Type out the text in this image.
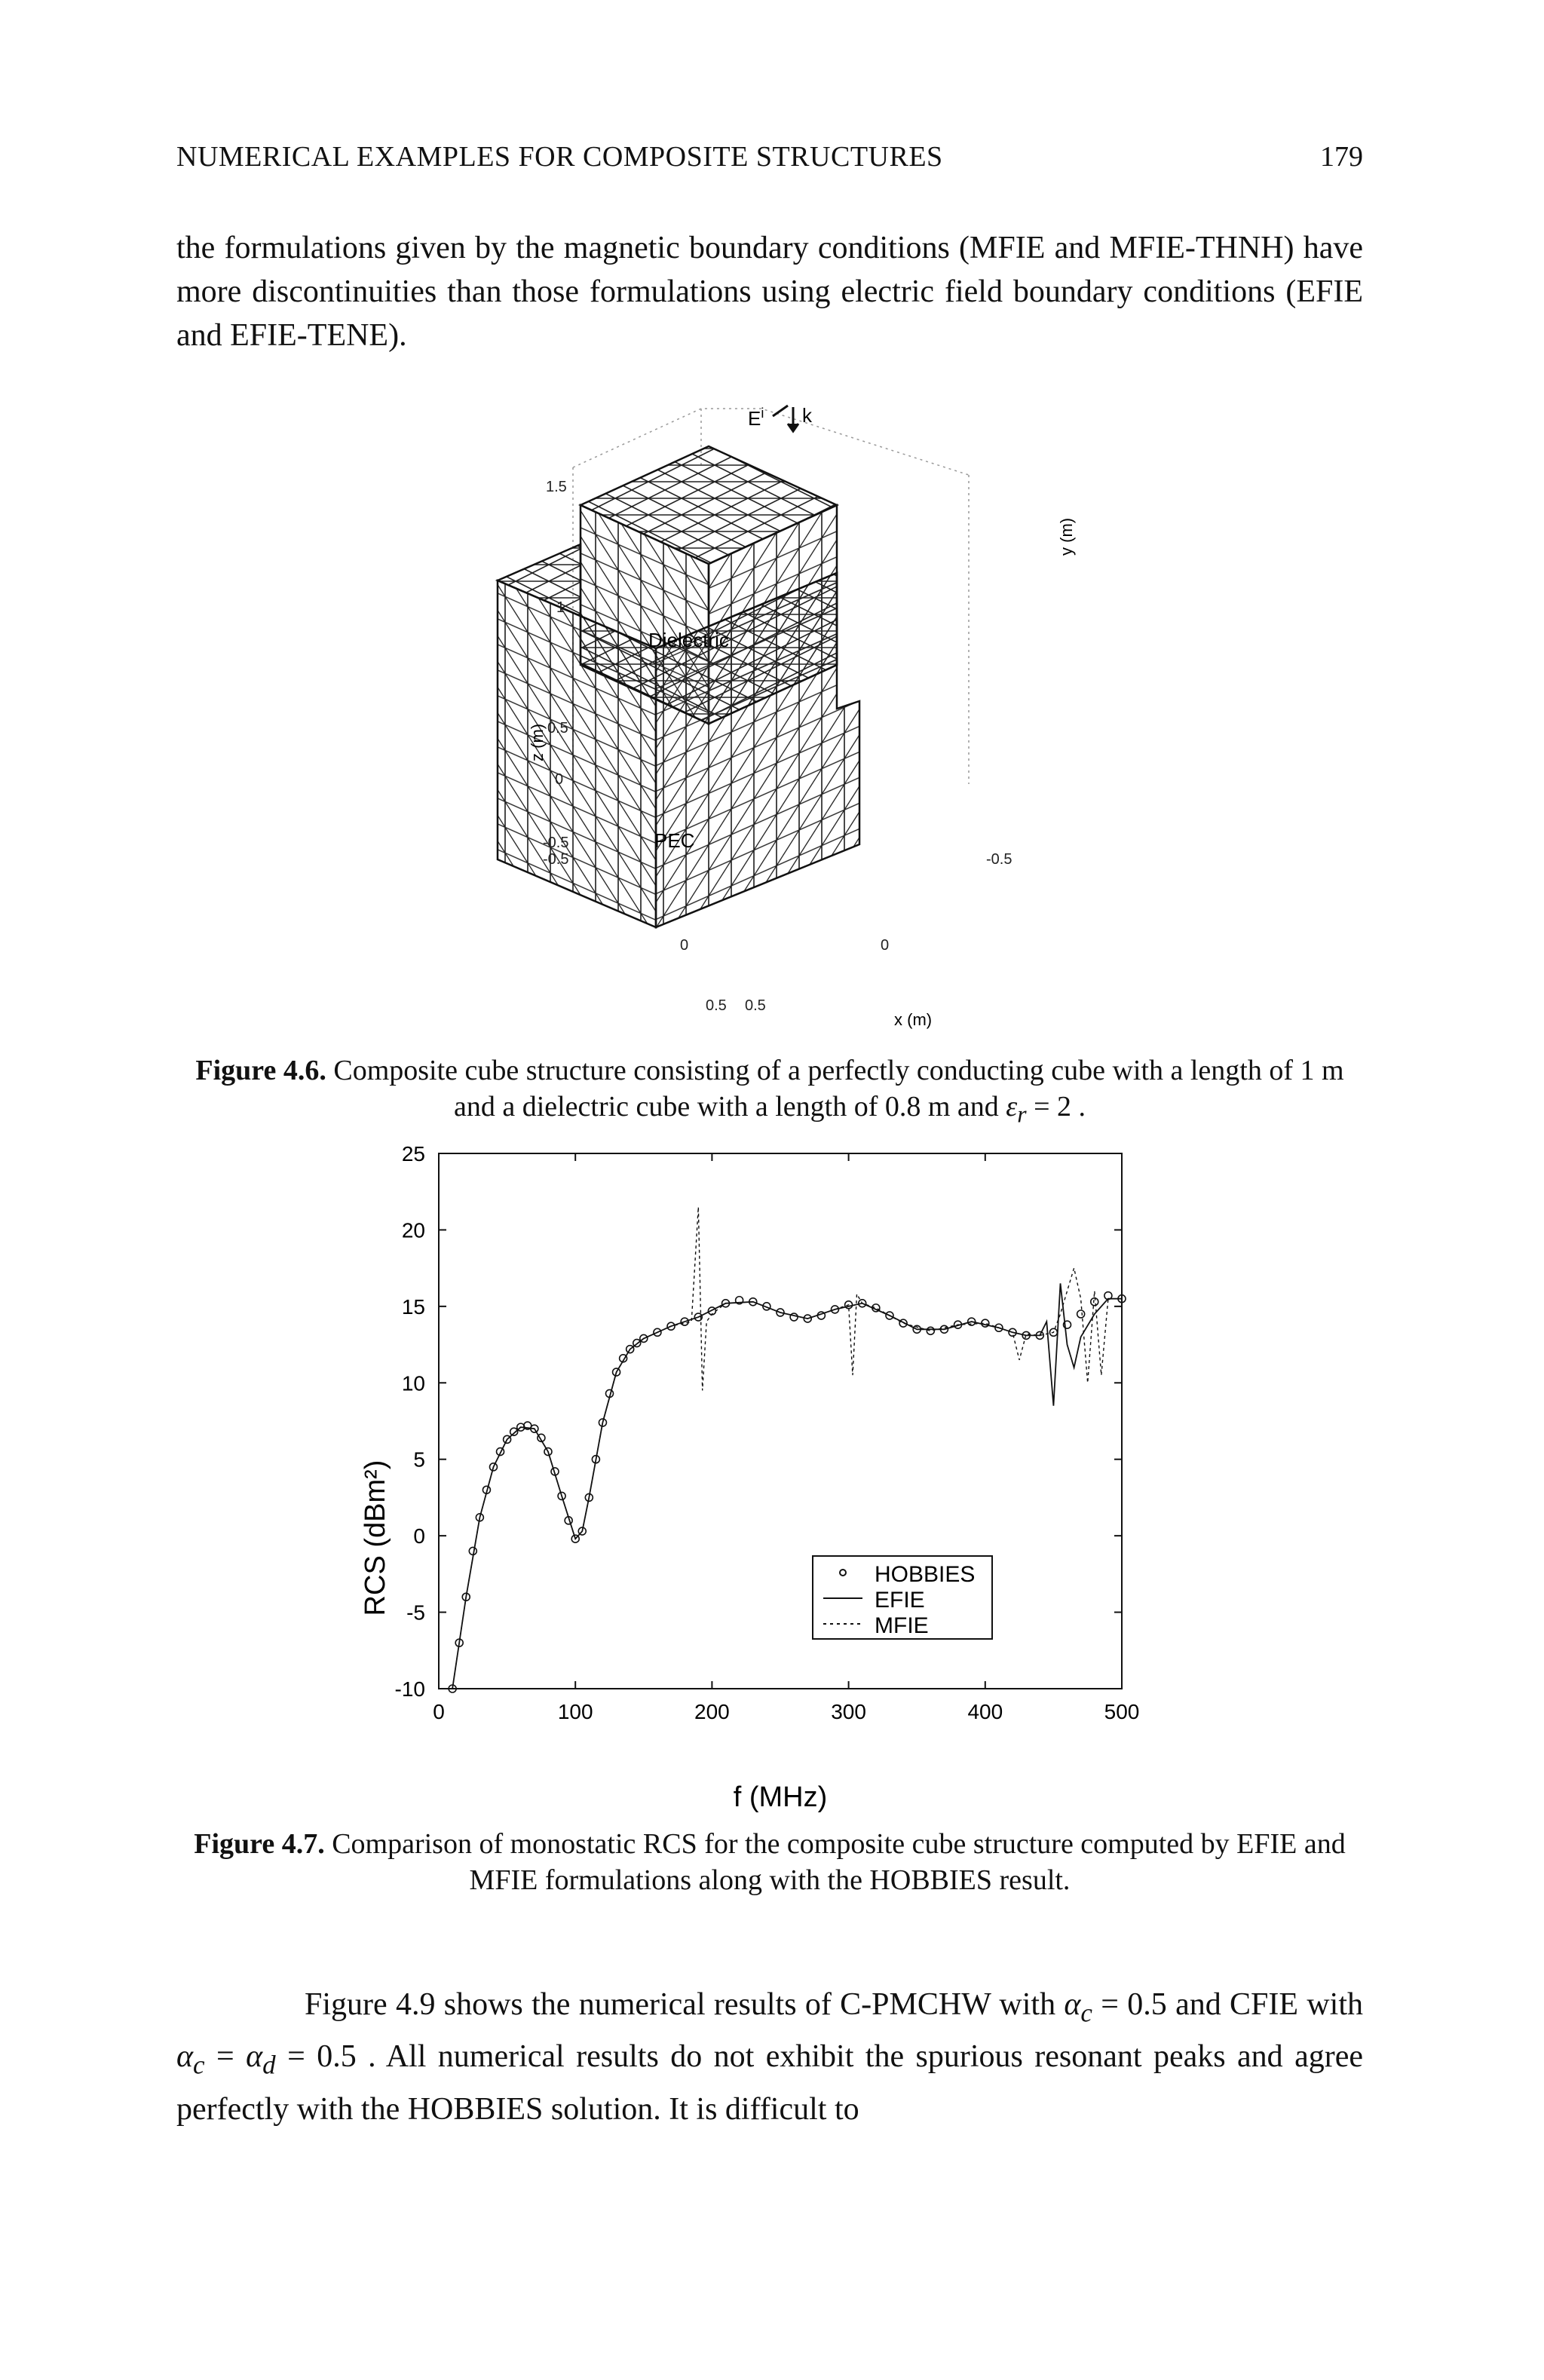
NUMERICAL EXAMPLES FOR COMPOSITE STRUCTURES	179

the formulations given by the magnetic boundary conditions (MFIE and MFIE-THNH) have more discontinuities than those formulations using electric field boundary conditions (EFIE and EFIE-TENE).

$E^i$ k
Dielectric
PEC
1.5
1
0.5
0
-0.5
z (m)
-0.5
0
0.5
y (m)
-0.5
0
0.5
x (m)
Figure 4.6. Composite cube structure consisting of a perfectly conducting cube with a length of 1 m and a dielectric cube with a length of 0.8 m and $\varepsilon_r = 2$ .
25
20
15
10
5
0
-5
-10
0	100	200	300	400	500
RCS (dBm²)
f (MHz)
HOBBIES
EFIE
MFIE
Figure 4.7. Comparison of monostatic RCS for the composite cube structure computed by EFIE and MFIE formulations along with the HOBBIES result.

Figure 4.9 shows the numerical results of C-PMCHW with $\alpha_c = 0.5$ and CFIE with $\alpha_c = \alpha_d = 0.5$ . All numerical results do not exhibit the spurious resonant peaks and agree perfectly with the HOBBIES solution. It is difficult to
